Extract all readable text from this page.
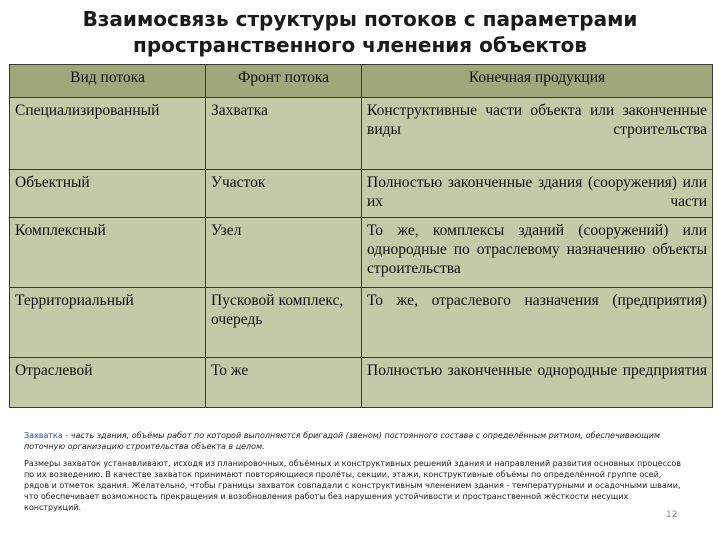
Взаимосвязь структуры потоков с параметрами
пространственного членения объектов
Вид потока	Фронт потока	Конечная продукция
Специализированный	Захватка	Конструктивные части объекта или законченные виды строительства
Объектный	Участок	Полностью законченные здания (сооружения) или их части
Комплексный	Узел	То же, комплексы зданий (сооружений) или однородные по отраслевому назначению объекты строительства
Территориальный	Пусковой комплекс, очередь	То же, отраслевого назначения (предприятия)
Отраслевой	То же	Полностью законченные однородные предприятия
Захватка - часть здания, объёмы работ по которой выполняются бригадой (звеном) постоянного состава с определённым ритмом, обеспечивающим поточную организацию строительства объекта в целом.
Размеры захваток устанавливают, исходя из планировочных, объёмных и конструктивных решений здания и направлений развития основных процессов по их возведению. В качестве захваток принимают повторяющиеся пролёты, секции, этажи, конструктивные объёмы по определённой группе осей, рядов и отметок здания. Желательно, чтобы границы захваток совпадали с конструктивным членением здания - температурными и осадочными швами, что обеспечивает возможность прекращения и возобновления работы без нарушения устойчивости и пространственной жёсткости несущих конструкций.
12
